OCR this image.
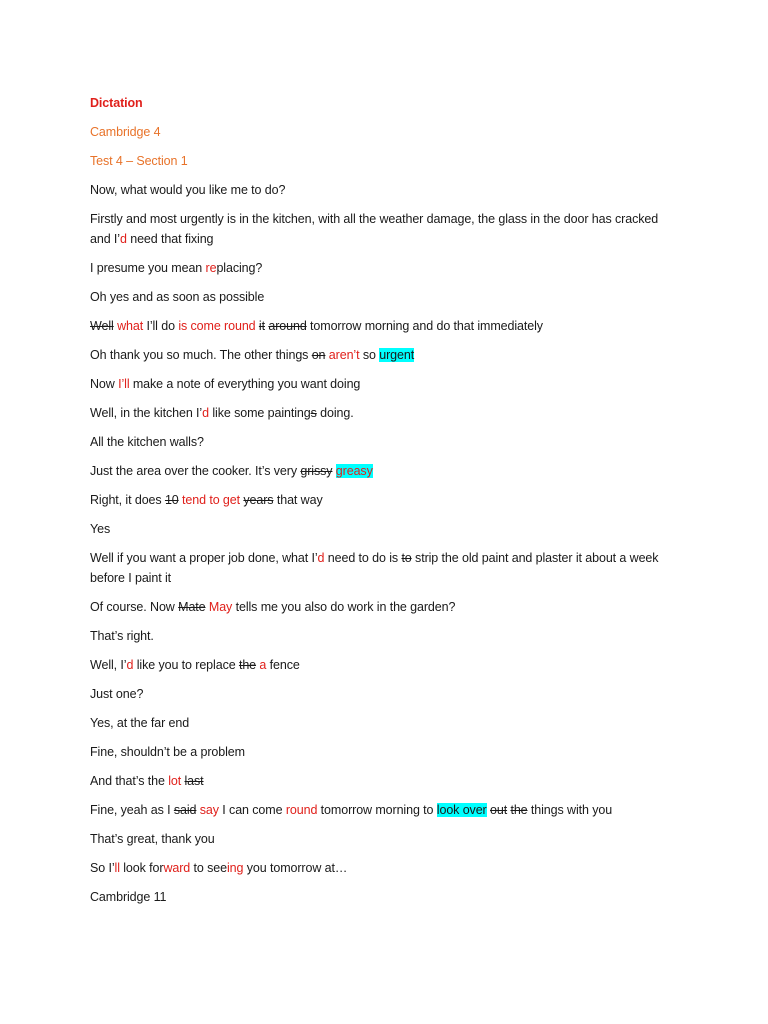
Dictation

Cambridge 4

Test 4 – Section 1

Now, what would you like me to do?

Firstly and most urgently is in the kitchen, with all the weather damage, the glass in the door has cracked and I’d need that fixing

I presume you mean replacing?

Oh yes and as soon as possible

Well what I’ll do is come round it around tomorrow morning and do that immediately

Oh thank you so much. The other things on aren’t so urgent

Now I’ll make a note of everything you want doing

Well, in the kitchen I’d like some paintings doing.

All the kitchen walls?

Just the area over the cooker. It’s very grissy greasy

Right, it does 10 tend to get years that way

Yes

Well if you want a proper job done, what I’d need to do is to strip the old paint and plaster it about a week before I paint it

Of course. Now Mate May tells me you also do work in the garden?

That’s right.

Well, I’d like you to replace the a fence

Just one?

Yes, at the far end

Fine, shouldn’t be a problem

And that’s the lot last

Fine, yeah as I said say I can come round tomorrow morning to look over out the things with you

That’s great, thank you

So I’ll look forward to seeing you tomorrow at…

Cambridge 11
